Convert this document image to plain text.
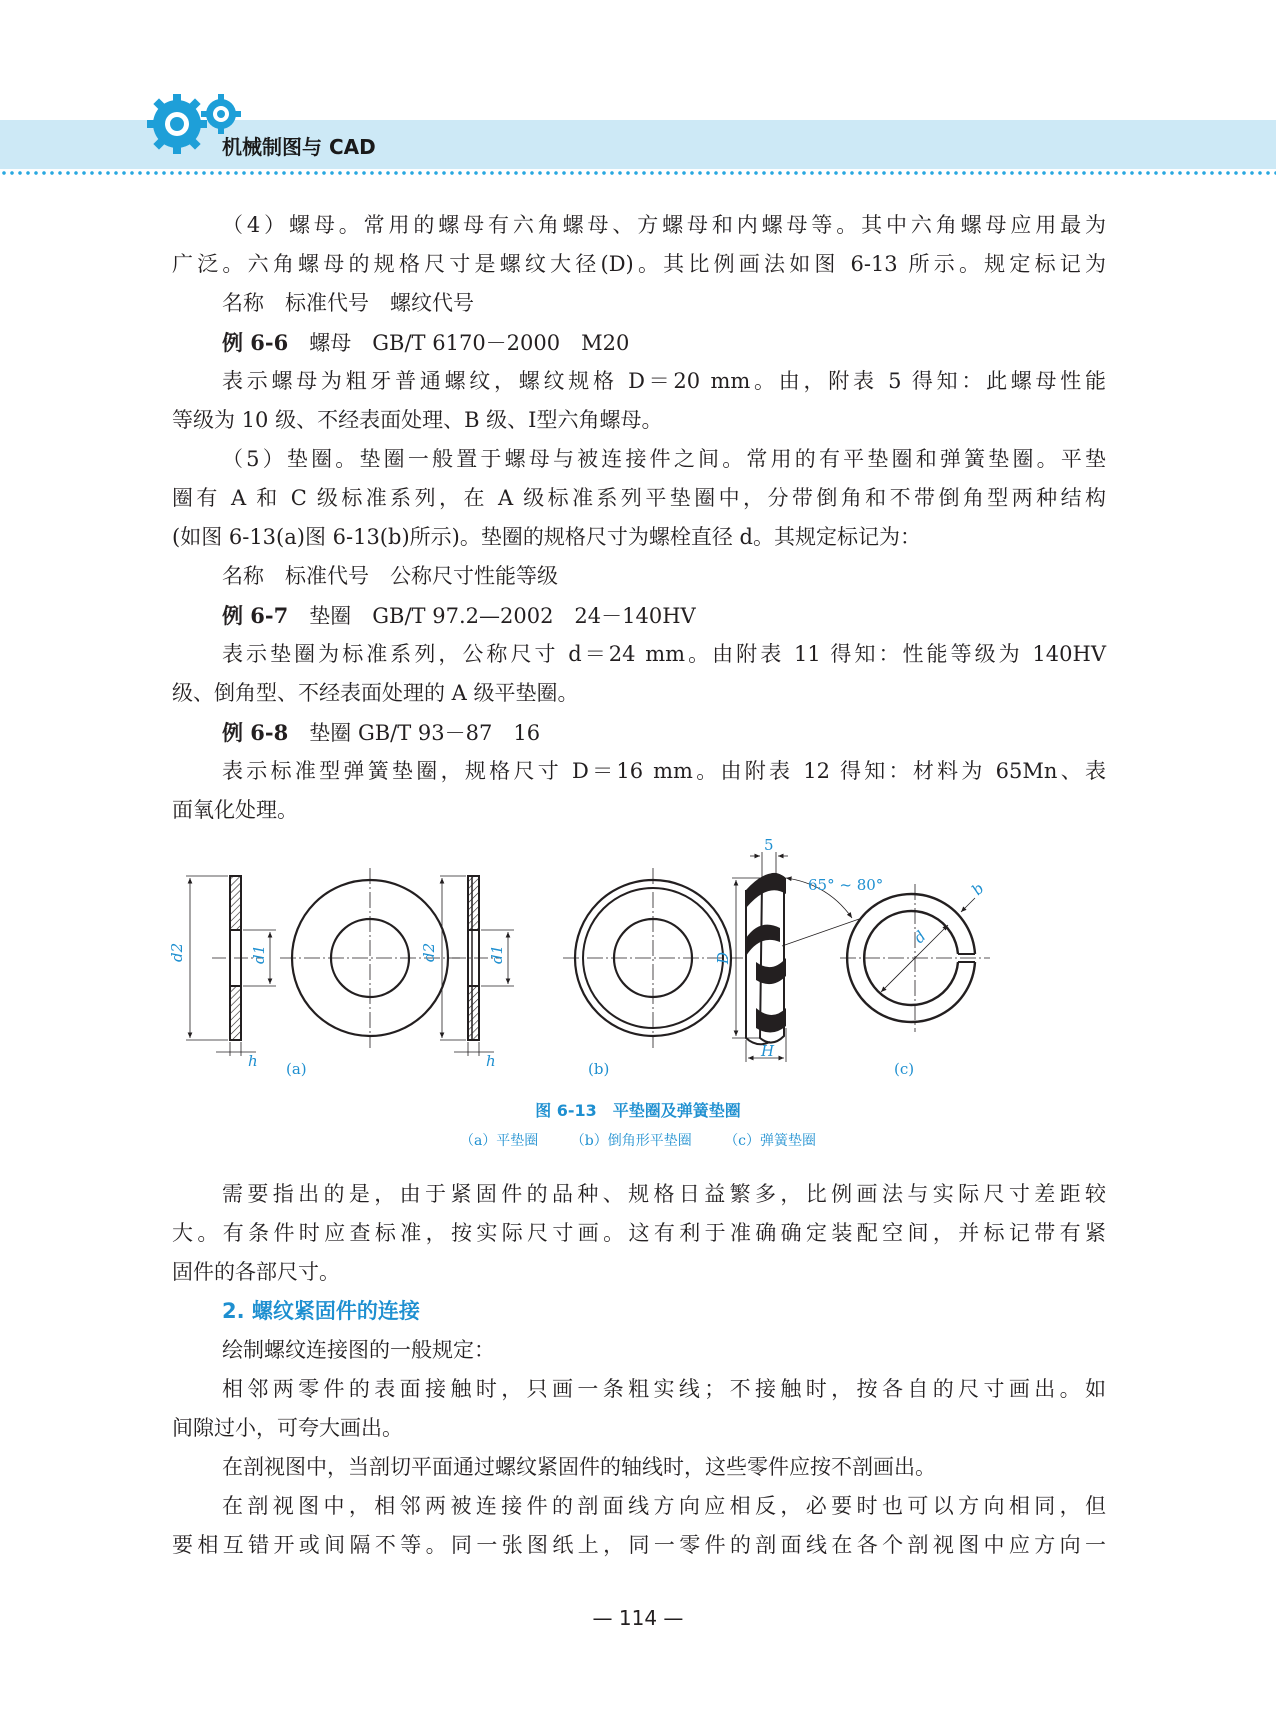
机械制图与 CAD
（4）螺母。常用的螺母有六角螺母、方螺母和内螺母等。其中六角螺母应用最为
广泛。六角螺母的规格尺寸是螺纹大径(D)。其比例画法如图 6-13 所示。规定标记为
名称　标准代号　螺纹代号
例 6-6　螺母　GB/T 6170－2000　M20
表示螺母为粗牙普通螺纹，螺纹规格 D＝20 mm。由，附表 5 得知：此螺母性能
等级为 10 级、不经表面处理、B 级、Ⅰ型六角螺母。
（5）垫圈。垫圈一般置于螺母与被连接件之间。常用的有平垫圈和弹簧垫圈。平垫
圈有 A 和 C 级标准系列，在 A 级标准系列平垫圈中，分带倒角和不带倒角型两种结构
(如图 6-13(a)图 6-13(b)所示)。垫圈的规格尺寸为螺栓直径 d。其规定标记为：
名称　标准代号　公称尺寸性能等级
例 6-7　垫圈　GB/T 97.2—2002　24－140HV
表示垫圈为标准系列，公称尺寸 d＝24 mm。由附表 11 得知：性能等级为 140HV
级、倒角型、不经表面处理的 A 级平垫圈。
例 6-8　垫圈 GB/T 93－87　16
表示标准型弹簧垫圈，规格尺寸 D＝16 mm。由附表 12 得知：材料为 65Mn、表
面氧化处理。
d2	d1
h (a)
d2	d1
h	(b)
D
H
5
65° ~ 80°
(c)
d
b
图 6-13　平垫圈及弹簧垫圈
（a）平垫圈 （b）倒角形平垫圈 （c）弹簧垫圈
需要指出的是，由于紧固件的品种、规格日益繁多，比例画法与实际尺寸差距较
大。有条件时应查标准，按实际尺寸画。这有利于准确确定装配空间，并标记带有紧
固件的各部尺寸。
2. 螺纹紧固件的连接
绘制螺纹连接图的一般规定：
相邻两零件的表面接触时，只画一条粗实线；不接触时，按各自的尺寸画出。如
间隙过小，可夸大画出。
在剖视图中，当剖切平面通过螺纹紧固件的轴线时，这些零件应按不剖画出。
在剖视图中，相邻两被连接件的剖面线方向应相反，必要时也可以方向相同，但
要相互错开或间隔不等。同一张图纸上，同一零件的剖面线在各个剖视图中应方向一
— 114 —
